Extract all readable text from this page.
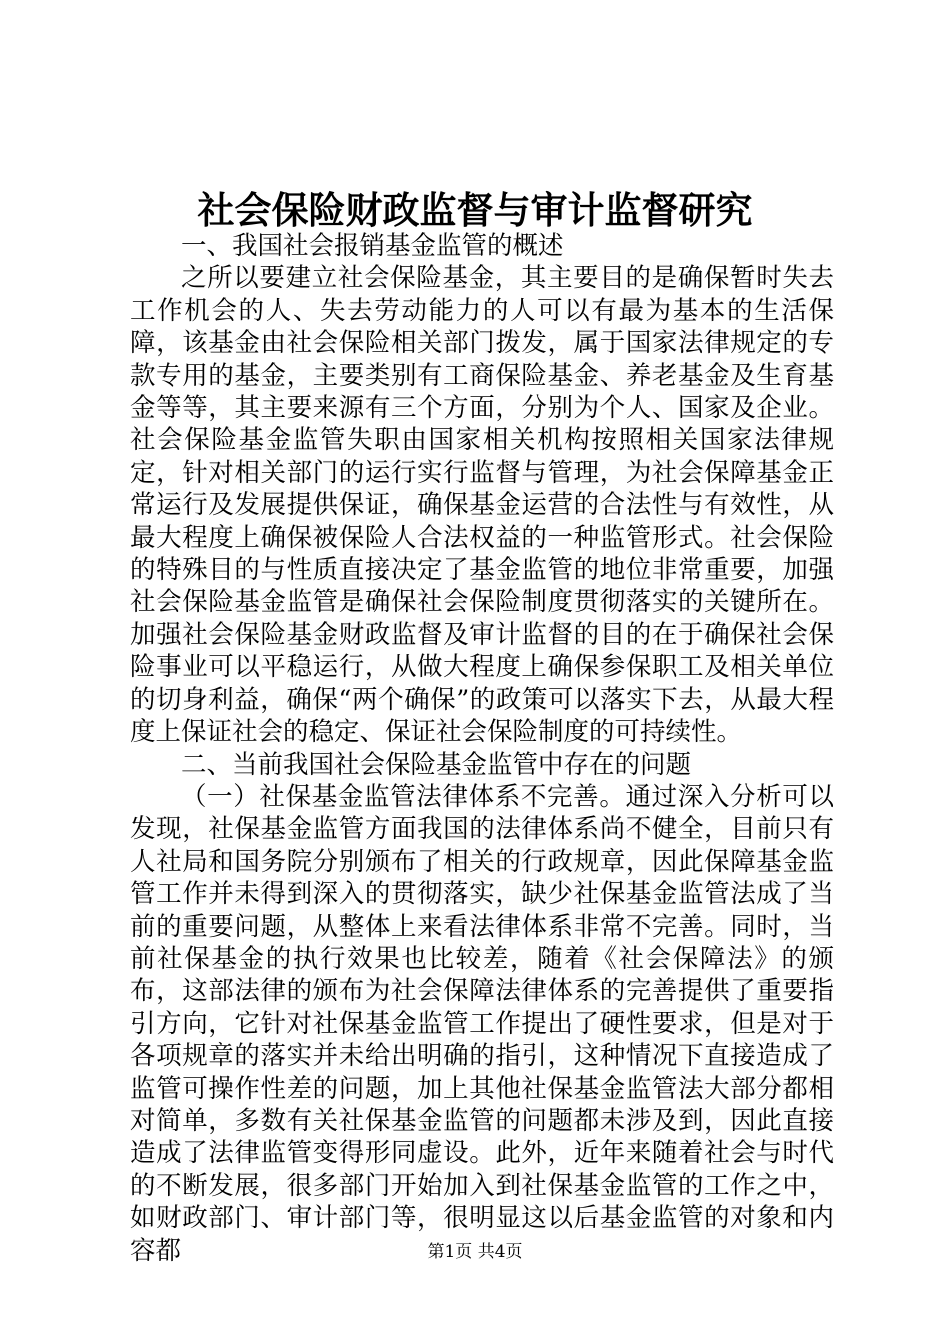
社会保险财政监督与审计监督研究

一、我国社会报销基金监管的概述

之所以要建立社会保险基金，其主要目的是确保暂时失去工作机会的人、失去劳动能力的人可以有最为基本的生活保障，该基金由社会保险相关部门拨发，属于国家法律规定的专款专用的基金，主要类别有工商保险基金、养老基金及生育基金等等，其主要来源有三个方面，分别为个人、国家及企业。社会保险基金监管失职由国家相关机构按照相关国家法律规定，针对相关部门的运行实行监督与管理，为社会保障基金正常运行及发展提供保证，确保基金运营的合法性与有效性，从最大程度上确保被保险人合法权益的一种监管形式。社会保险的特殊目的与性质直接决定了基金监管的地位非常重要，加强社会保险基金监管是确保社会保险制度贯彻落实的关键所在。加强社会保险基金财政监督及审计监督的目的在于确保社会保险事业可以平稳运行，从做大程度上确保参保职工及相关单位的切身利益，确保“两个确保”的政策可以落实下去，从最大程度上保证社会的稳定、保证社会保险制度的可持续性。

二、当前我国社会保险基金监管中存在的问题

（一）社保基金监管法律体系不完善。通过深入分析可以发现，社保基金监管方面我国的法律体系尚不健全，目前只有人社局和国务院分别颁布了相关的行政规章，因此保障基金监管工作并未得到深入的贯彻落实，缺少社保基金监管法成了当前的重要问题，从整体上来看法律体系非常不完善。同时，当前社保基金的执行效果也比较差，随着《社会保障法》的颁布，这部法律的颁布为社会保障法律体系的完善提供了重要指引方向，它针对社保基金监管工作提出了硬性要求，但是对于各项规章的落实并未给出明确的指引，这种情况下直接造成了监管可操作性差的问题，加上其他社保基金监管法大部分都相对简单，多数有关社保基金监管的问题都未涉及到，因此直接造成了法律监管变得形同虚设。此外，近年来随着社会与时代的不断发展，很多部门开始加入到社保基金监管的工作之中，如财政部门、审计部门等，很明显这以后基金监管的对象和内容都	第1页 共4页
